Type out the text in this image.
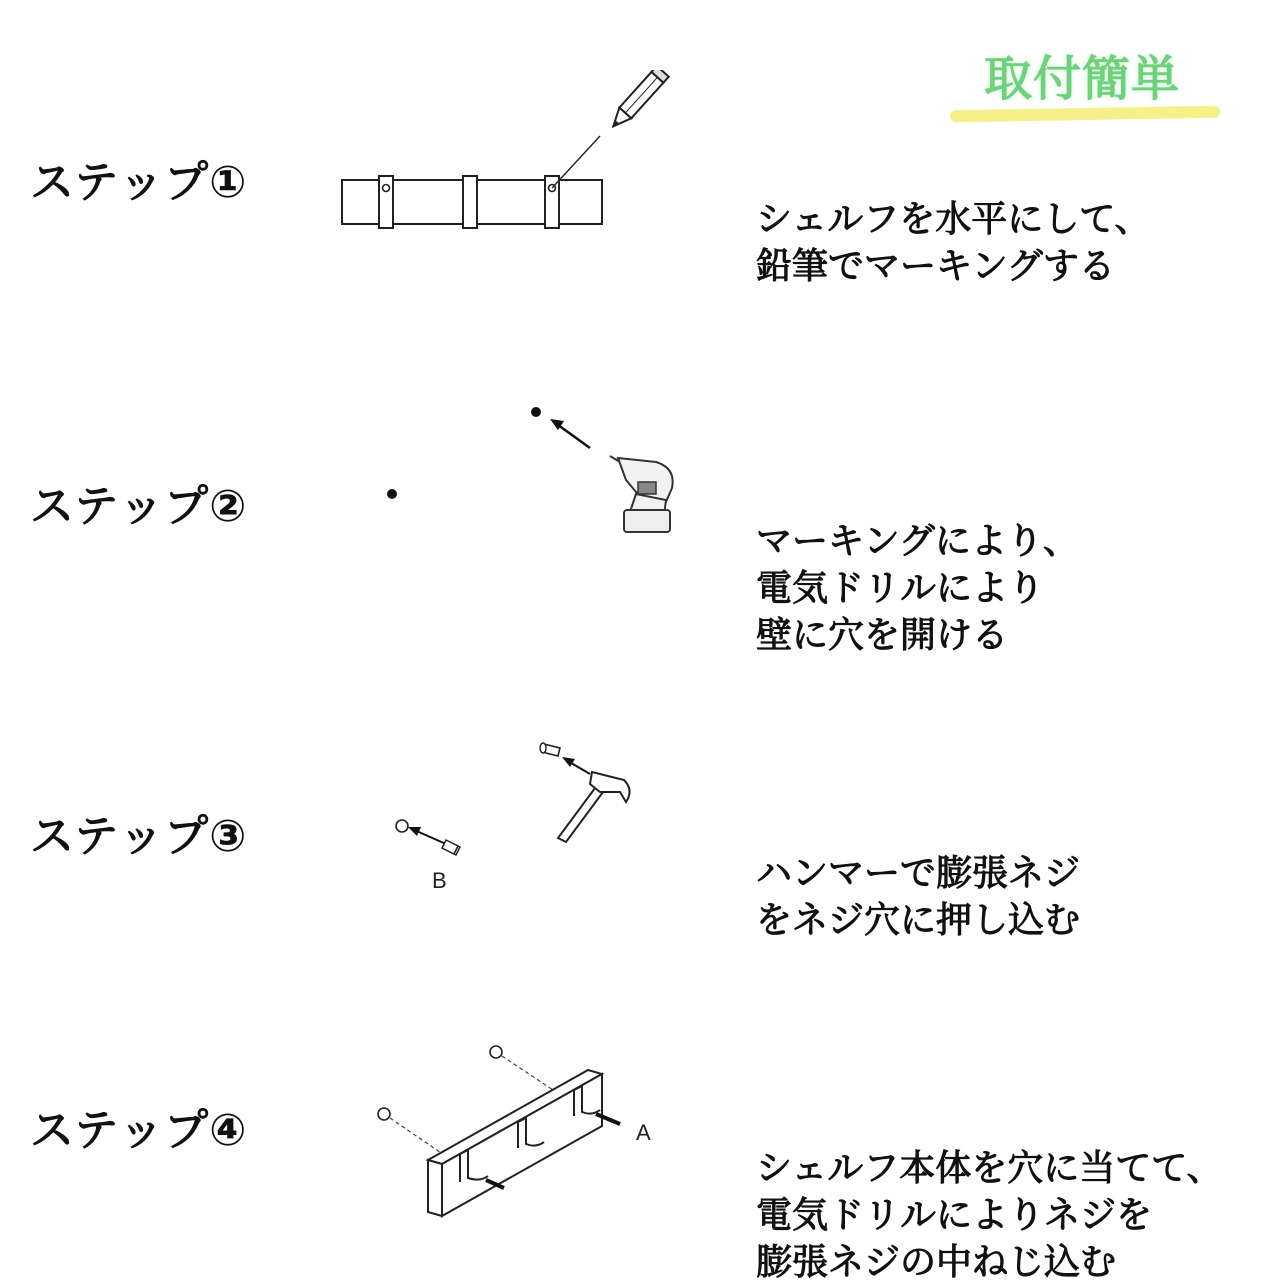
取付簡単
ステップ①
シェルフを水平にして、
鉛筆でマーキングする
ステップ②
マーキングにより、
電気ドリルにより
壁に穴を開ける
ステップ③
B	ハンマーで膨張ネジ
をネジ穴に押し込む
ステップ④	A
シェルフ本体を穴に当てて、
電気ドリルによりネジを
膨張ネジの中ねじ込む
